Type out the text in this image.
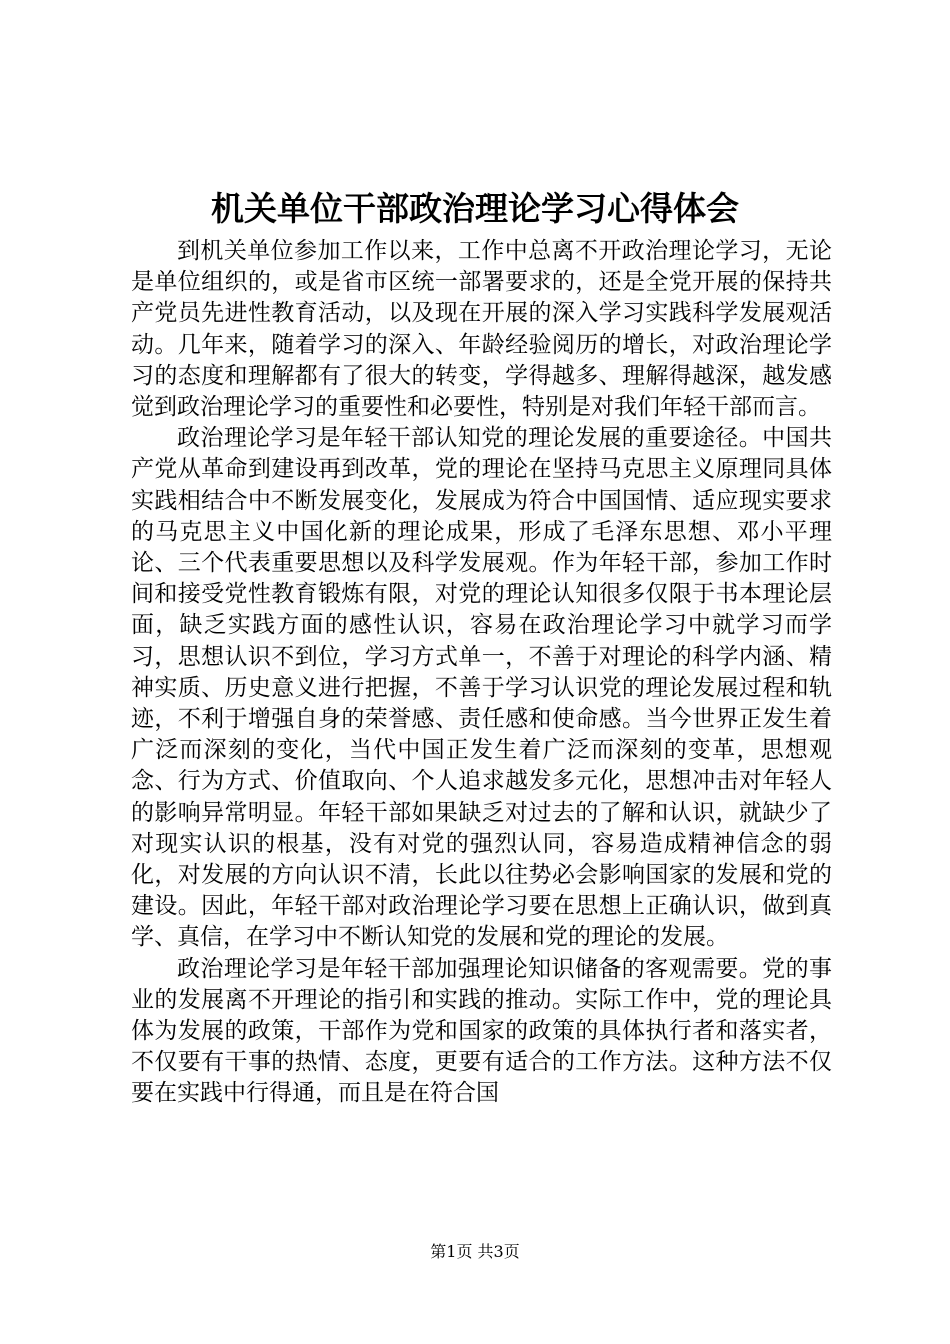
机关单位干部政治理论学习心得体会

到机关单位参加工作以来，工作中总离不开政治理论学习，无论是单位组织的，或是省市区统一部署要求的，还是全党开展的保持共产党员先进性教育活动，以及现在开展的深入学习实践科学发展观活动。几年来，随着学习的深入、年龄经验阅历的增长，对政治理论学习的态度和理解都有了很大的转变，学得越多、理解得越深，越发感觉到政治理论学习的重要性和必要性，特别是对我们年轻干部而言。

政治理论学习是年轻干部认知党的理论发展的重要途径。中国共产党从革命到建设再到改革，党的理论在坚持马克思主义原理同具体实践相结合中不断发展变化，发展成为符合中国国情、适应现实要求的马克思主义中国化新的理论成果，形成了毛泽东思想、邓小平理论、三个代表重要思想以及科学发展观。作为年轻干部，参加工作时间和接受党性教育锻炼有限，对党的理论认知很多仅限于书本理论层面，缺乏实践方面的感性认识，容易在政治理论学习中就学习而学习，思想认识不到位，学习方式单一，不善于对理论的科学内涵、精神实质、历史意义进行把握，不善于学习认识党的理论发展过程和轨迹，不利于增强自身的荣誉感、责任感和使命感。当今世界正发生着广泛而深刻的变化，当代中国正发生着广泛而深刻的变革，思想观念、行为方式、价值取向、个人追求越发多元化，思想冲击对年轻人的影响异常明显。年轻干部如果缺乏对过去的了解和认识，就缺少了对现实认识的根基，没有对党的强烈认同，容易造成精神信念的弱化，对发展的方向认识不清，长此以往势必会影响国家的发展和党的建设。因此，年轻干部对政治理论学习要在思想上正确认识，做到真学、真信，在学习中不断认知党的发展和党的理论的发展。

政治理论学习是年轻干部加强理论知识储备的客观需要。党的事业的发展离不开理论的指引和实践的推动。实际工作中，党的理论具体为发展的政策，干部作为党和国家的政策的具体执行者和落实者，不仅要有干事的热情、态度，更要有适合的工作方法。这种方法不仅要在实践中行得通，而且是在符合国

第1页 共3页
